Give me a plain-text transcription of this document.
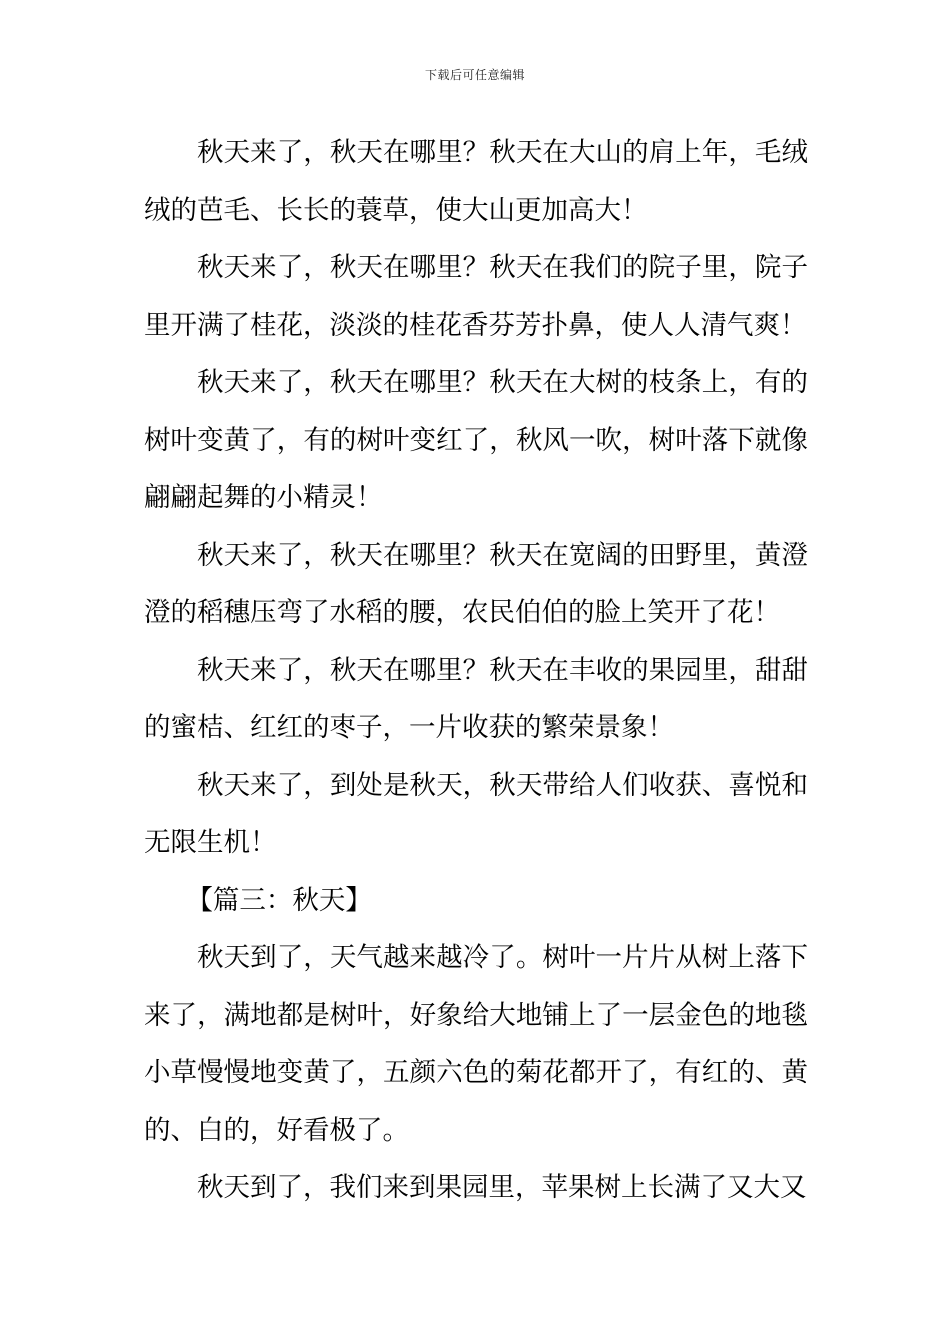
下载后可任意编辑

秋天来了，秋天在哪里？秋天在大山的肩上年，毛绒绒的芭毛、长长的蓑草，使大山更加高大！

秋天来了，秋天在哪里？秋天在我们的院子里，院子里开满了桂花，淡淡的桂花香芬芳扑鼻，使人人清气爽！

秋天来了，秋天在哪里？秋天在大树的枝条上，有的树叶变黄了，有的树叶变红了，秋风一吹，树叶落下就像翩翩起舞的小精灵！

秋天来了，秋天在哪里？秋天在宽阔的田野里，黄澄澄的稻穗压弯了水稻的腰，农民伯伯的脸上笑开了花！

秋天来了，秋天在哪里？秋天在丰收的果园里，甜甜的蜜桔、红红的枣子，一片收获的繁荣景象！

秋天来了，到处是秋天，秋天带给人们收获、喜悦和无限生机！

【篇三：秋天】

秋天到了，天气越来越冷了。树叶一片片从树上落下来了，满地都是树叶，好象给大地铺上了一层金色的地毯小草慢慢地变黄了，五颜六色的菊花都开了，有红的、黄的、白的，好看极了。

秋天到了，我们来到果园里，苹果树上长满了又大又
